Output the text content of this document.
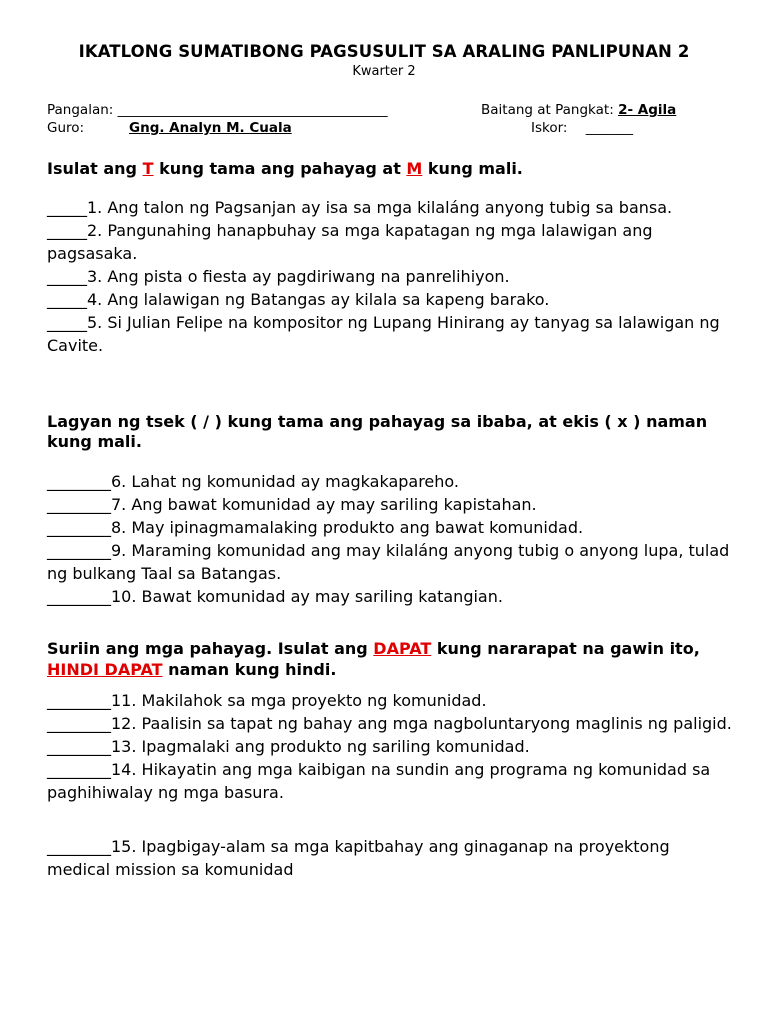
IKATLONG SUMATIBONG PAGSUSULIT SA ARALING PANLIPUNAN 2
Kwarter 2
Pangalan: ________________________________________	Baitang at Pangkat: 2- Agila
Guro:	Gng. Analyn M. Cuala	Iskor: _______
Isulat ang T kung tama ang pahayag at M kung mali.

_____1. Ang talon ng Pagsanjan ay isa sa mga kilaláng anyong tubig sa bansa.

_____2. Pangunahing hanapbuhay sa mga kapatagan ng mga lalawigan ang pagsasaka.

_____3. Ang pista o fiesta ay pagdiriwang na panrelihiyon.

_____4. Ang lalawigan ng Batangas ay kilala sa kapeng barako.

_____5. Si Julian Felipe na kompositor ng Lupang Hinirang ay tanyag sa lalawigan ng Cavite.

Lagyan ng tsek ( / ) kung tama ang pahayag sa ibaba, at ekis ( x ) naman kung mali.

________6. Lahat ng komunidad ay magkakapareho.

________7. Ang bawat komunidad ay may sariling kapistahan.

________8. May ipinagmamalaking produkto ang bawat komunidad.

________9. Maraming komunidad ang may kilaláng anyong tubig o anyong lupa, tulad ng bulkang Taal sa Batangas.

________10. Bawat komunidad ay may sariling katangian.

Suriin ang mga pahayag. Isulat ang DAPAT kung nararapat na gawin ito, HINDI DAPAT naman kung hindi.

________11. Makilahok sa mga proyekto ng komunidad.

________12. Paalisin sa tapat ng bahay ang mga nagboluntaryong maglinis ng paligid.

________13. Ipagmalaki ang produkto ng sariling komunidad.

________14. Hikayatin ang mga kaibigan na sundin ang programa ng komunidad sa paghihiwalay ng mga basura.

________15. Ipagbigay-alam sa mga kapitbahay ang ginaganap na proyektong medical mission sa komunidad
